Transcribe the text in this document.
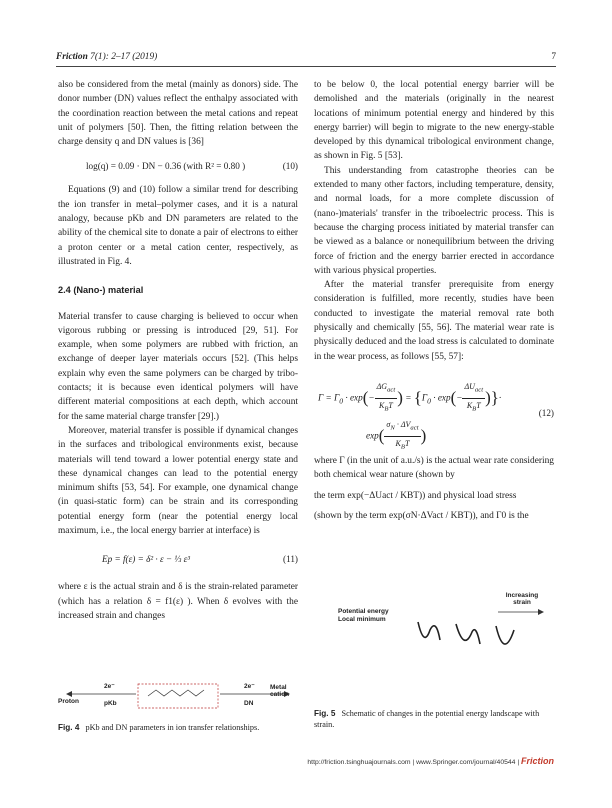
Friction 7(1): 2–17 (2019)	7

also be considered from the metal (mainly as donors) side. The donor number (DN) values reflect the enthalpy associated with the coordination reaction between the metal cations and repeat unit of polymers [50]. Then, the fitting relation between the charge density q and DN values is [36]

log(q) = 0.09 · DN − 0.36 (with R² = 0.80 )	(10)

Equations (9) and (10) follow a similar trend for describing the ion transfer in metal–polymer cases, and it is a natural analogy, because pKb and DN parameters are related to the ability of the chemical site to donate a pair of electrons to either a proton center or a metal cation center, respectively, as illustrated in Fig. 4.

2.4 (Nano-) material

Material transfer to cause charging is believed to occur when vigorous rubbing or pressing is introduced [29, 51]. For example, when some polymers are rubbed with friction, an exchange of deeper layer materials occurs [52]. (This helps explain why even the same polymers can be charged by tribo-contacts; it is because even identical polymers will have different material compositions at each depth, which account for the same material charge transfer [29].)

Moreover, material transfer is possible if dynamical changes in the surfaces and tribological environments exist, because materials will tend toward a lower potential energy state and these dynamical changes can lead to the potential energy minimum shifts [53, 54]. For example, one dynamical change (in quasi-static form) can be strain and its corresponding potential energy form (near the potential energy local maximum, i.e., the local energy barrier at interface) is

Ep = f(ε) = δ² · ε − ⅓ ε³	(11)

where ε is the actual strain and δ is the strain-related parameter (which has a relation δ = f1(ε) ). When δ evolves with the increased strain and changes

Proton
2e⁻
pKb
2e⁻
DN
Metal cation
Fig. 4 pKb and DN parameters in ion transfer relationships.

to be below 0, the local potential energy barrier will be demolished and the materials (originally in the nearest locations of minimum potential energy and hindered by this energy barrier) will begin to migrate to the new energy-stable developed by this dynamical tribological environment change, as shown in Fig. 5 [53].

This understanding from catastrophe theories can be extended to many other factors, including temperature, density, and normal loads, for a more complete discussion of (nano-)materials' transfer in the triboelectric process. This is because the charging process initiated by material transfer can be viewed as a balance or nonequilibrium between the driving force of friction and the energy barrier erected in accordance with various physical properties.

After the material transfer prerequisite from energy consideration is fulfilled, more recently, studies have been conducted to investigate the material removal rate both physically and chemically [55, 56]. The material wear rate is physically deduced and the load stress is calculated to dominate in the wear process, as follows [55, 57]:

$\Gamma = \Gamma_0 \cdot \exp(- \frac{\Delta G_{act}}{K_BT}$ ) = {$\Gamma_0 \cdot \exp(- \frac{\Delta U_{act}}{K_BT}$ )}·
$\exp( \frac{\sigma_N \cdot \Delta V_{act}}{K_BT}$ )
(12)

where Γ (in the unit of a.u./s) is the actual wear rate considering both chemical wear nature (shown by

the term exp(−ΔUact / KBT)) and physical load stress

(shown by the term exp(σN·ΔVact / KBT)), and Γ0 is the

Potential energy
Local minimum
Increasing strain
Fig. 5 Schematic of changes in the potential energy landscape with strain.
http://friction.tsinghuajournals.com | www.Springer.com/journal/40544 | Friction
